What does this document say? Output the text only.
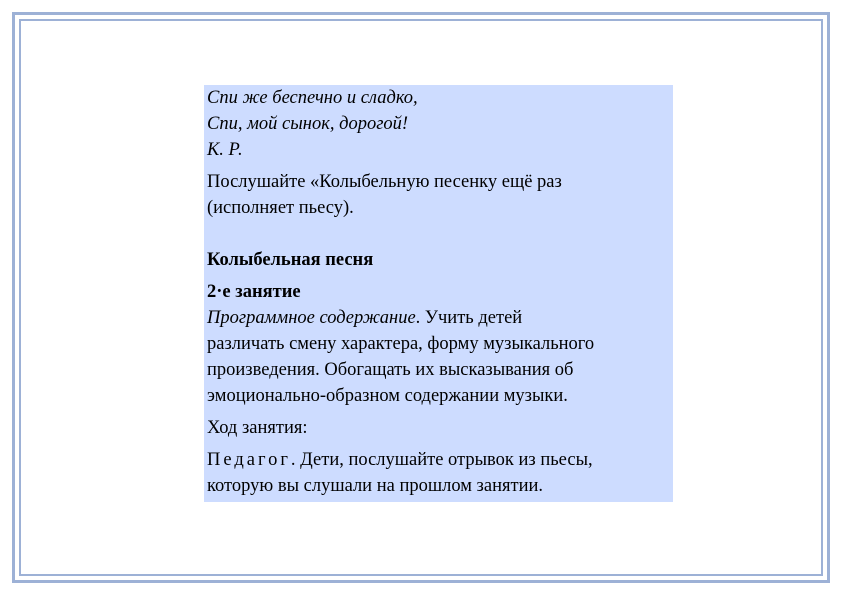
Спи же беспечно и сладко,
Спи, мой сынок, дорогой!
К. Р.
Послушайте «Колыбельную песенку ещё раз
(исполняет пьесу).
Колыбельная песня
2·е занятие
Программное содержание. Учить детей
различать смену характера, форму музыкального
произведения. Обогащать их высказывания об
эмоционально-образном содержании музыки.
Ход занятия:
Педагог. Дети, послушайте отрывок из пьесы,
которую вы слушали на прошлом занятии.
